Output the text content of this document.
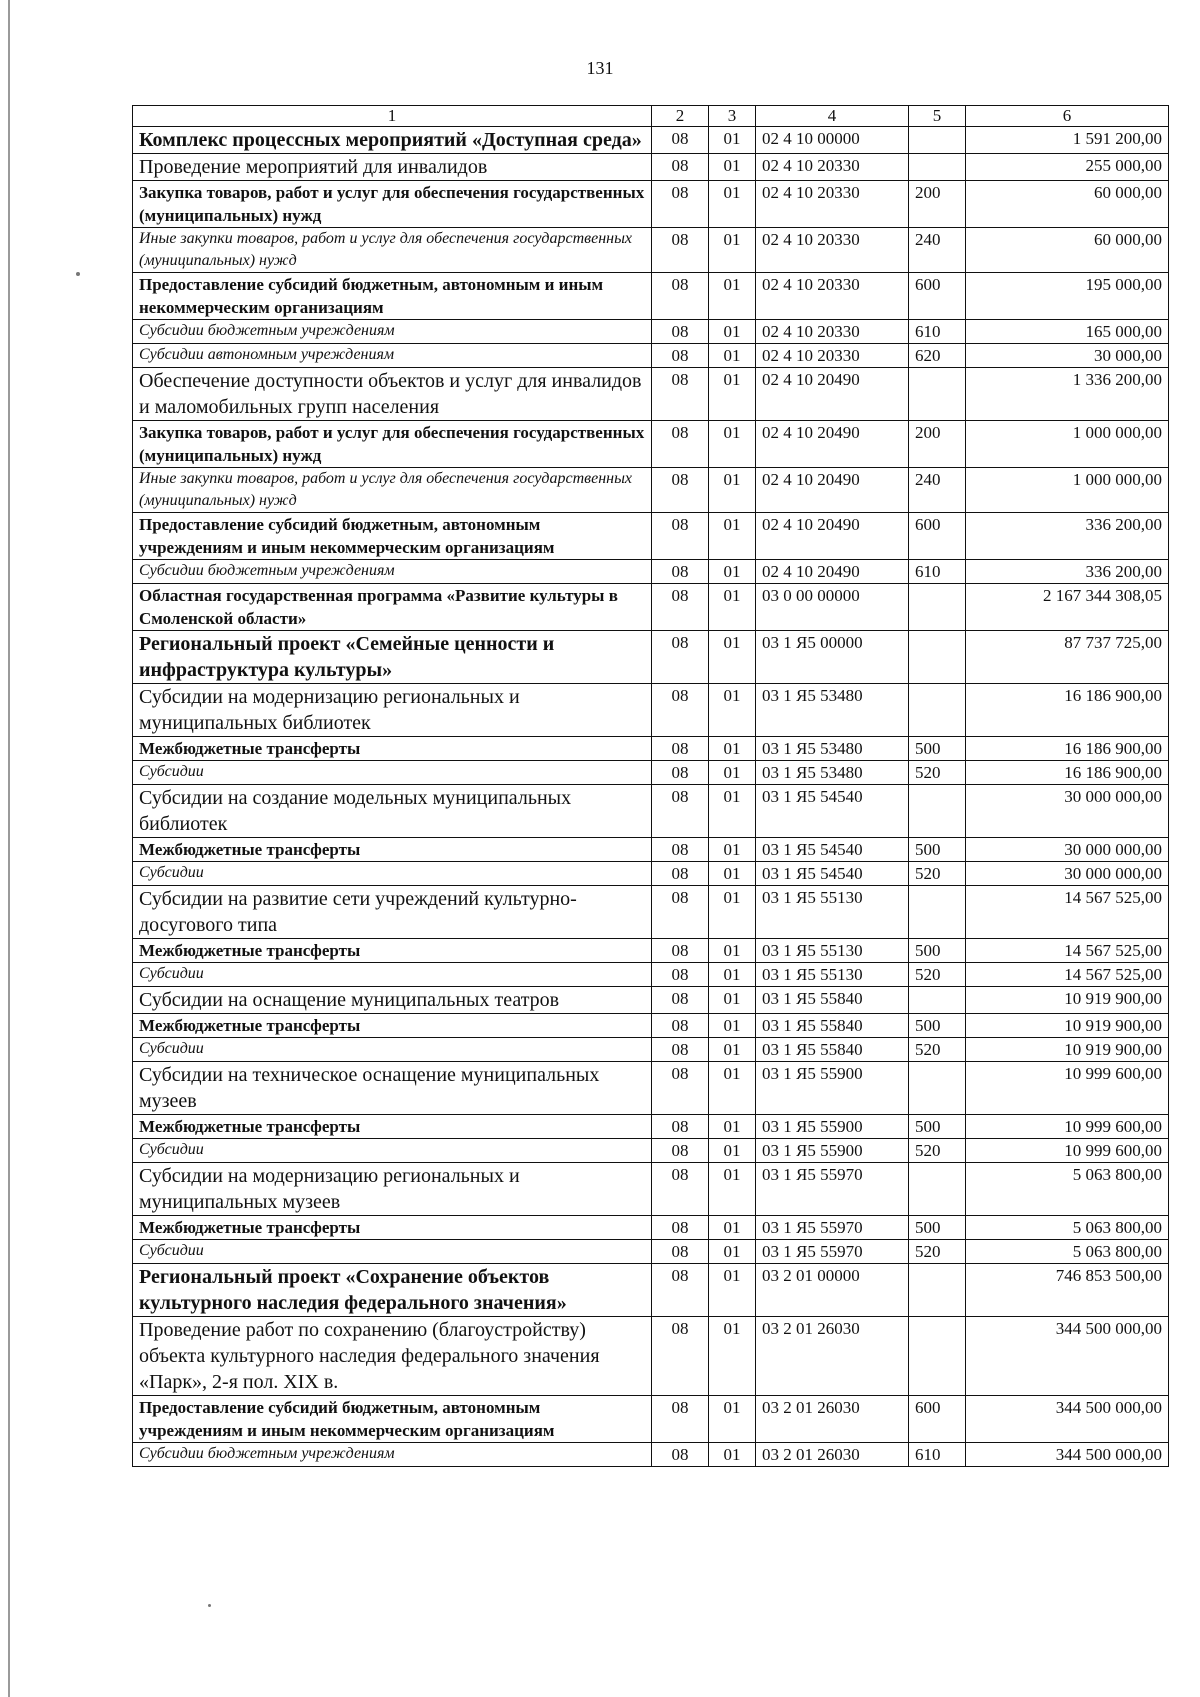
131
1	2	3	4	5	6
Комплекс процессных мероприятий «Доступная среда»	08	01	02 4 10 00000		1 591 200,00
Проведение мероприятий для инвалидов	08	01	02 4 10 20330		255 000,00
Закупка товаров, работ и услуг для обеспечения государственных (муниципальных) нужд	08	01	02 4 10 20330	200	60 000,00
Иные закупки товаров, работ и услуг для обеспечения государственных (муниципальных) нужд	08	01	02 4 10 20330	240	60 000,00
Предоставление субсидий бюджетным, автономным и иным некоммерческим организациям	08	01	02 4 10 20330	600	195 000,00
Субсидии бюджетным учреждениям	08	01	02 4 10 20330	610	165 000,00
Субсидии автономным учреждениям	08	01	02 4 10 20330	620	30 000,00
Обеспечение доступности объектов и услуг для инвалидов и маломобильных групп населения	08	01	02 4 10 20490		1 336 200,00
Закупка товаров, работ и услуг для обеспечения государственных (муниципальных) нужд	08	01	02 4 10 20490	200	1 000 000,00
Иные закупки товаров, работ и услуг для обеспечения государственных (муниципальных) нужд	08	01	02 4 10 20490	240	1 000 000,00
Предоставление субсидий бюджетным, автономным учреждениям и иным некоммерческим организациям	08	01	02 4 10 20490	600	336 200,00
Субсидии бюджетным учреждениям	08	01	02 4 10 20490	610	336 200,00
Областная государственная программа «Развитие культуры в Смоленской области»	08	01	03 0 00 00000		2 167 344 308,05
Региональный проект «Семейные ценности и инфраструктура культуры»	08	01	03 1 Я5 00000		87 737 725,00
Субсидии на модернизацию региональных и муниципальных библиотек	08	01	03 1 Я5 53480		16 186 900,00
Межбюджетные трансферты	08	01	03 1 Я5 53480	500	16 186 900,00
Субсидии	08	01	03 1 Я5 53480	520	16 186 900,00
Субсидии на создание модельных муниципальных библиотек	08	01	03 1 Я5 54540		30 000 000,00
Межбюджетные трансферты	08	01	03 1 Я5 54540	500	30 000 000,00
Субсидии	08	01	03 1 Я5 54540	520	30 000 000,00
Субсидии на развитие сети учреждений культурно-досугового типа	08	01	03 1 Я5 55130		14 567 525,00
Межбюджетные трансферты	08	01	03 1 Я5 55130	500	14 567 525,00
Субсидии	08	01	03 1 Я5 55130	520	14 567 525,00
Субсидии на оснащение муниципальных театров	08	01	03 1 Я5 55840		10 919 900,00
Межбюджетные трансферты	08	01	03 1 Я5 55840	500	10 919 900,00
Субсидии	08	01	03 1 Я5 55840	520	10 919 900,00
Субсидии на техническое оснащение муниципальных музеев	08	01	03 1 Я5 55900		10 999 600,00
Межбюджетные трансферты	08	01	03 1 Я5 55900	500	10 999 600,00
Субсидии	08	01	03 1 Я5 55900	520	10 999 600,00
Субсидии на модернизацию региональных и муниципальных музеев	08	01	03 1 Я5 55970		5 063 800,00
Межбюджетные трансферты	08	01	03 1 Я5 55970	500	5 063 800,00
Субсидии	08	01	03 1 Я5 55970	520	5 063 800,00
Региональный проект «Сохранение объектов культурного наследия федерального значения»	08	01	03 2 01 00000		746 853 500,00
Проведение работ по сохранению (благоустройству) объекта культурного наследия федерального значения «Парк», 2-я пол. XIX в.	08	01	03 2 01 26030		344 500 000,00
Предоставление субсидий бюджетным, автономным учреждениям и иным некоммерческим организациям	08	01	03 2 01 26030	600	344 500 000,00
Субсидии бюджетным учреждениям	08	01	03 2 01 26030	610	344 500 000,00
